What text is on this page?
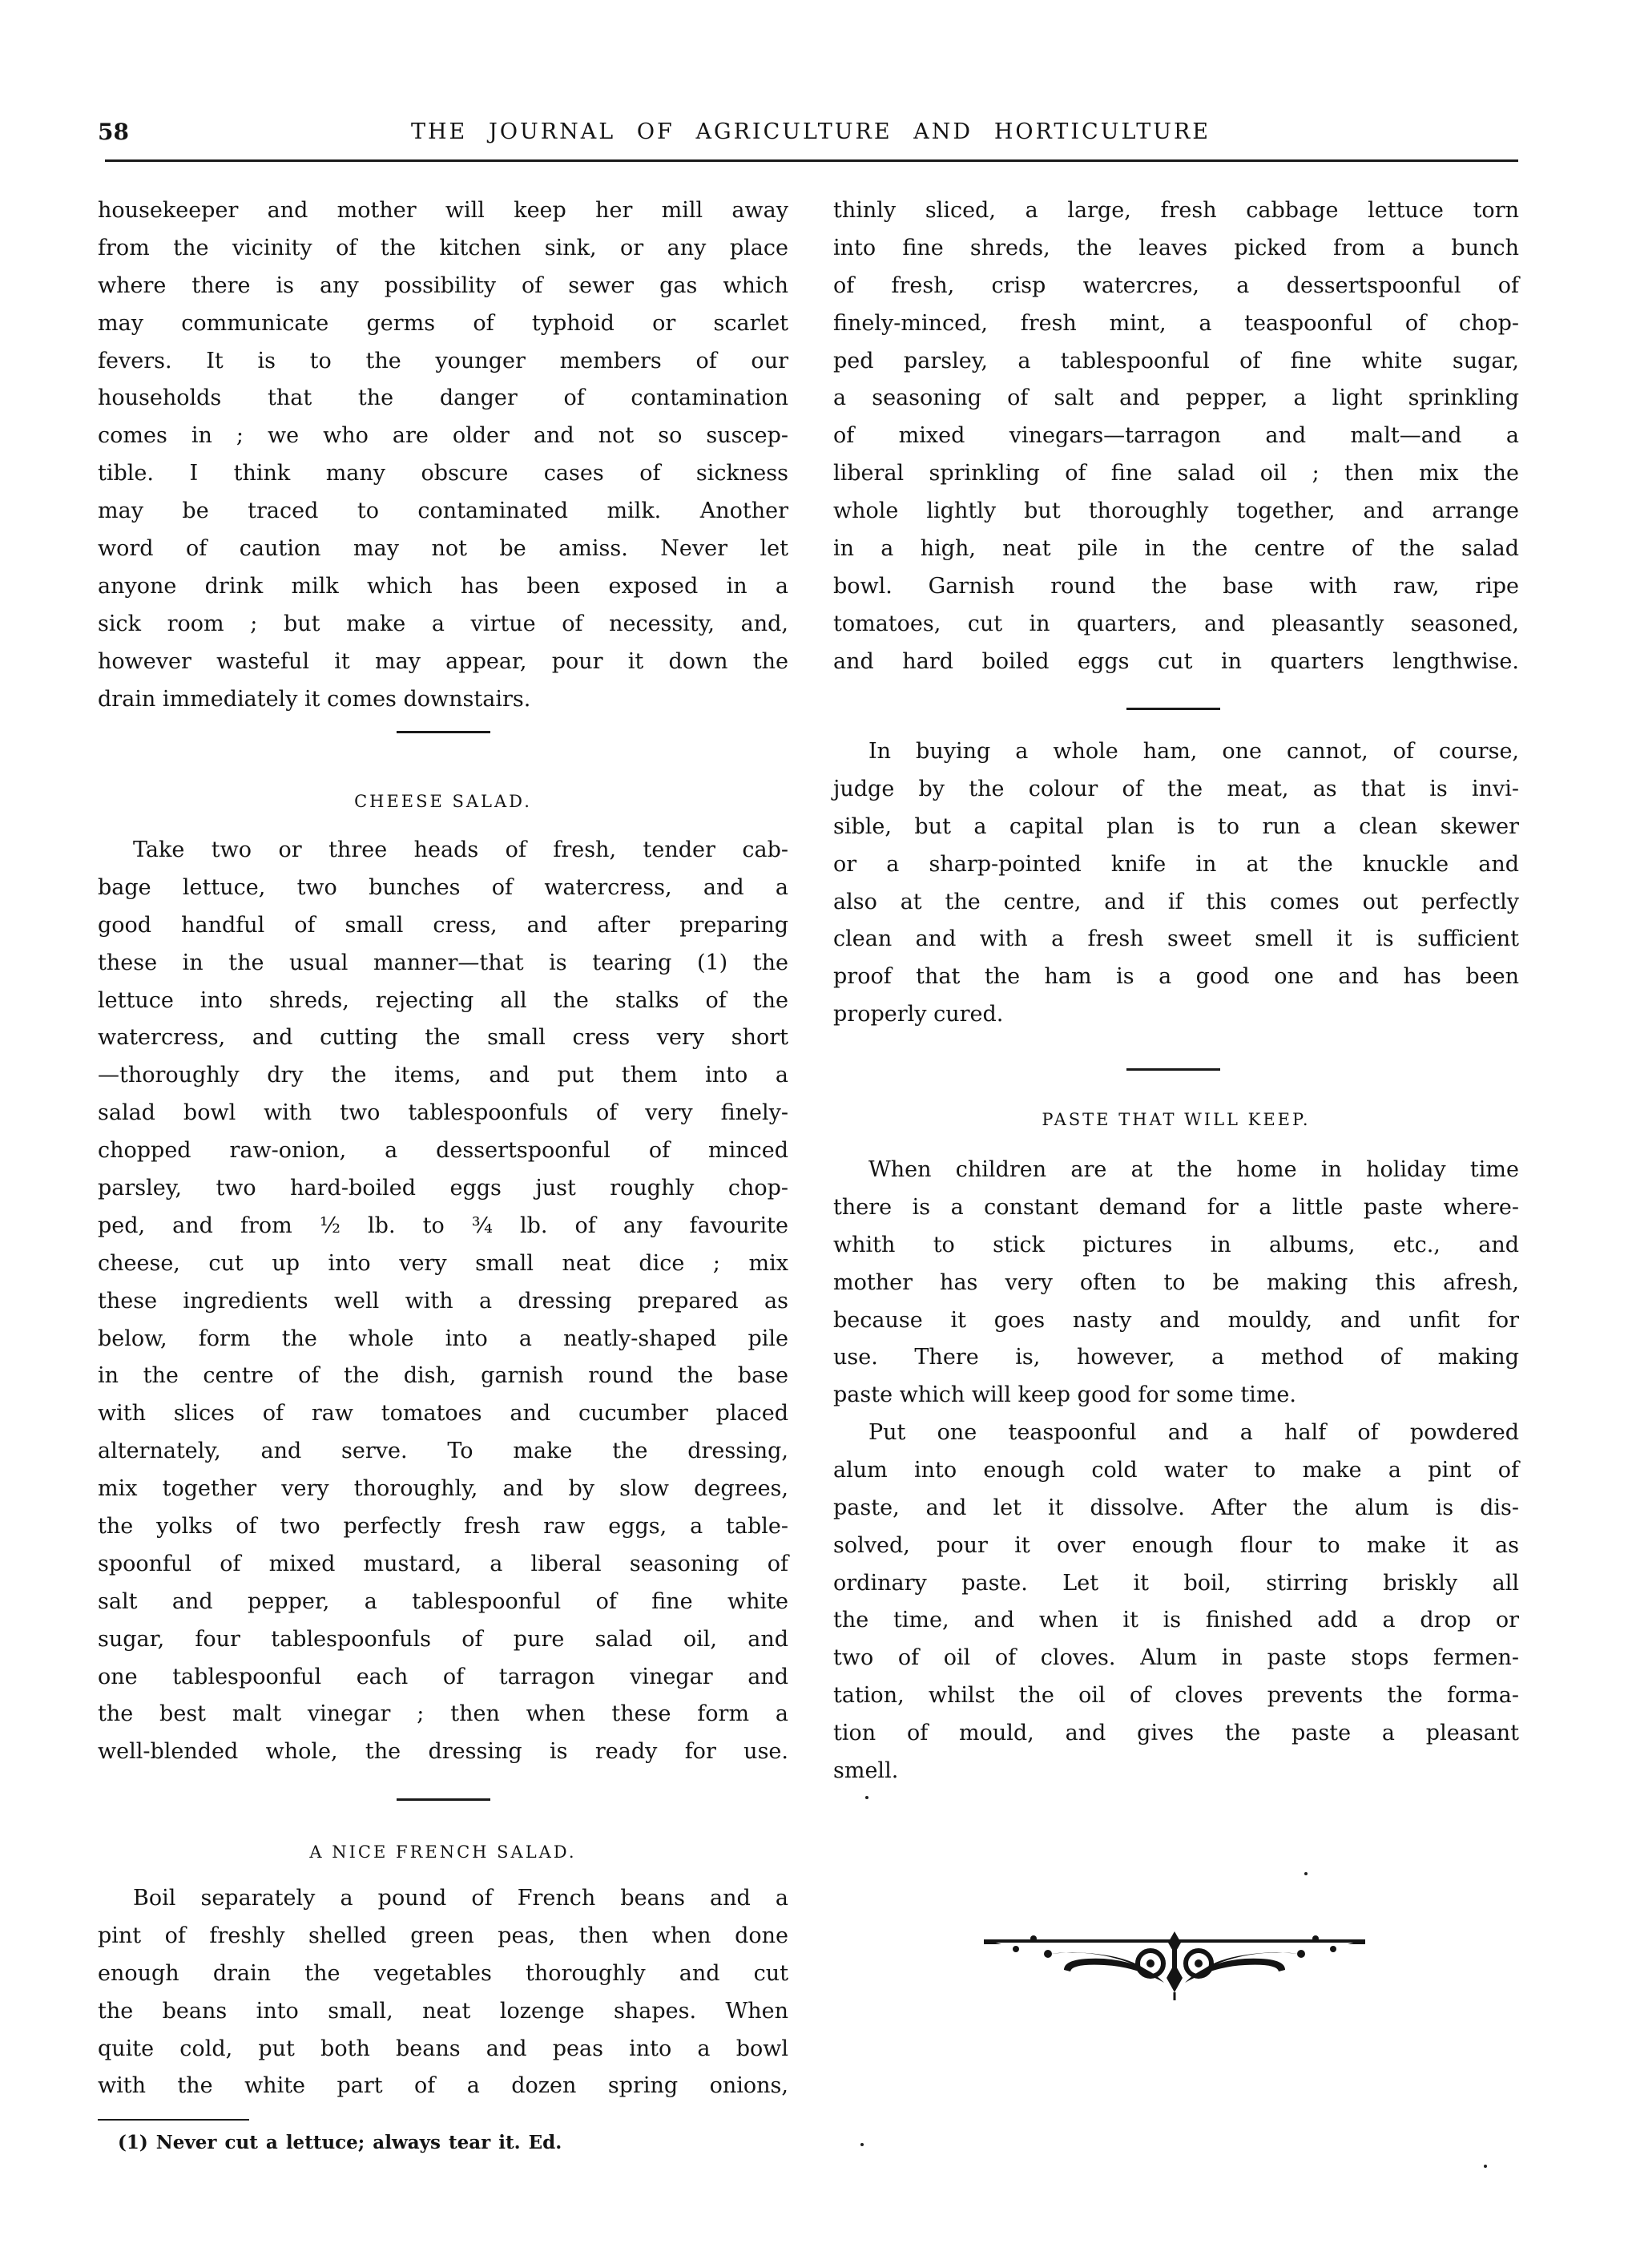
58	THE JOURNAL OF AGRICULTURE AND HORTICULTURE
housekeeper and mother will keep her mill away
from the vicinity of the kitchen sink, or any place
where there is any possibility of sewer gas which
may communicate germs of typhoid or scarlet
fevers. It is to the younger members of our
households that the danger of contamination
comes in ; we who are older and not so suscep-
tible. I think many obscure cases of sickness
may be traced to contaminated milk. Another
word of caution may not be amiss. Never let
anyone drink milk which has been exposed in a
sick room ; but make a virtue of necessity, and,
however wasteful it may appear, pour it down the
drain immediately it comes downstairs.
CHEESE SALAD.
Take two or three heads of fresh, tender cab-
bage lettuce, two bunches of watercress, and a
good handful of small cress, and after preparing
these in the usual manner—that is tearing (1) the
lettuce into shreds, rejecting all the stalks of the
watercress, and cutting the small cress very short
—thoroughly dry the items, and put them into a
salad bowl with two tablespoonfuls of very finely-
chopped raw-onion, a dessertspoonful of minced
parsley, two hard-boiled eggs just roughly chop-
ped, and from ½ lb. to ¾ lb. of any favourite
cheese, cut up into very small neat dice ; mix
these ingredients well with a dressing prepared as
below, form the whole into a neatly-shaped pile
in the centre of the dish, garnish round the base
with slices of raw tomatoes and cucumber placed
alternately, and serve. To make the dressing,
mix together very thoroughly, and by slow degrees,
the yolks of two perfectly fresh raw eggs, a table-
spoonful of mixed mustard, a liberal seasoning of
salt and pepper, a tablespoonful of fine white
sugar, four tablespoonfuls of pure salad oil, and
one tablespoonful each of tarragon vinegar and
the best malt vinegar ; then when these form a
well-blended whole, the dressing is ready for use.
A NICE FRENCH SALAD.
Boil separately a pound of French beans and a
pint of freshly shelled green peas, then when done
enough drain the vegetables thoroughly and cut
the beans into small, neat lozenge shapes. When
quite cold, put both beans and peas into a bowl
with the white part of a dozen spring onions,
(1) Never cut a lettuce; always tear it. Ed.
thinly sliced, a large, fresh cabbage lettuce torn
into fine shreds, the leaves picked from a bunch
of fresh, crisp watercres, a dessertspoonful of
finely-minced, fresh mint, a teaspoonful of chop-
ped parsley, a tablespoonful of fine white sugar,
a seasoning of salt and pepper, a light sprinkling
of mixed vinegars—tarragon and malt—and a
liberal sprinkling of fine salad oil ; then mix the
whole lightly but thoroughly together, and arrange
in a high, neat pile in the centre of the salad
bowl. Garnish round the base with raw, ripe
tomatoes, cut in quarters, and pleasantly seasoned,
and hard boiled eggs cut in quarters lengthwise.
In buying a whole ham, one cannot, of course,
judge by the colour of the meat, as that is invi-
sible, but a capital plan is to run a clean skewer
or a sharp-pointed knife in at the knuckle and
also at the centre, and if this comes out perfectly
clean and with a fresh sweet smell it is sufficient
proof that the ham is a good one and has been
properly cured.
PASTE THAT WILL KEEP.
When children are at the home in holiday time
there is a constant demand for a little paste where-
whith to stick pictures in albums, etc., and
mother has very often to be making this afresh,
because it goes nasty and mouldy, and unfit for
use. There is, however, a method of making
paste which will keep good for some time.
Put one teaspoonful and a half of powdered
alum into enough cold water to make a pint of
paste, and let it dissolve. After the alum is dis-
solved, pour it over enough flour to make it as
ordinary paste. Let it boil, stirring briskly all
the time, and when it is finished add a drop or
two of oil of cloves. Alum in paste stops fermen-
tation, whilst the oil of cloves prevents the forma-
tion of mould, and gives the paste a pleasant
smell.
